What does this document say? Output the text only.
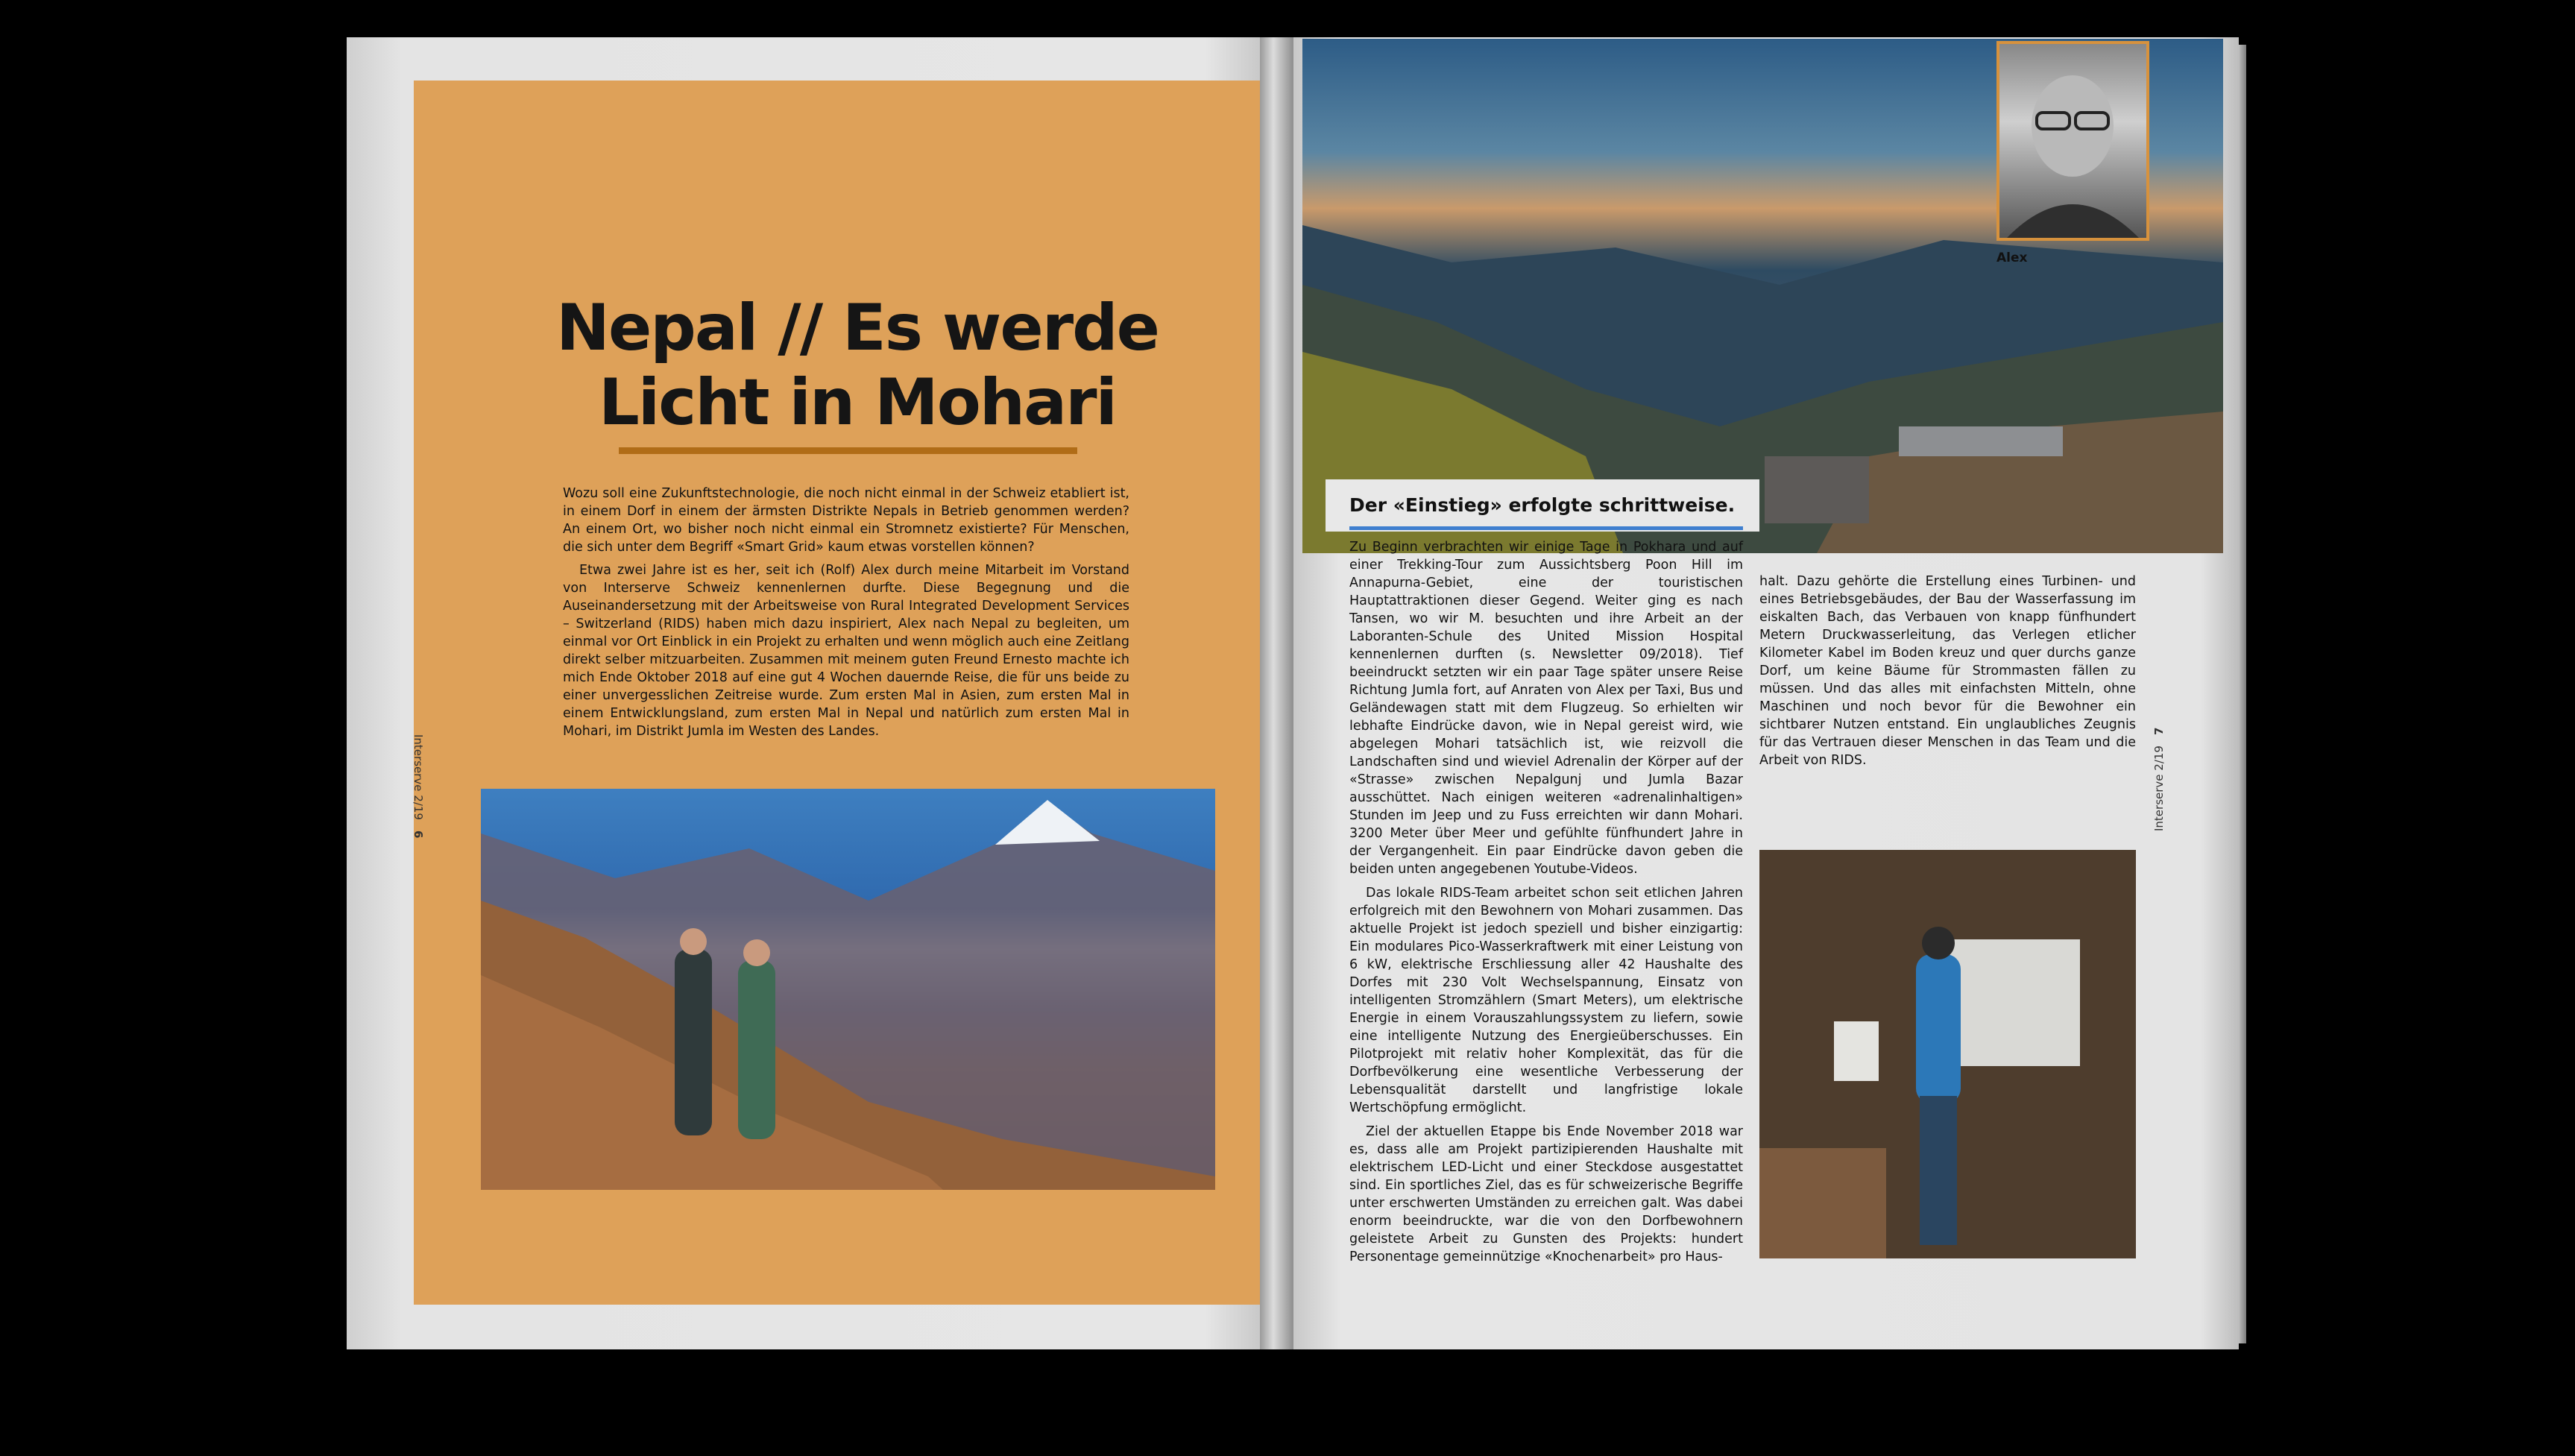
Nepal // Es werde
Licht in Mohari

Wozu soll eine Zukunftstechnologie, die noch nicht einmal in der Schweiz etabliert ist, in einem Dorf in einem der ärmsten Distrikte Nepals in Betrieb genommen werden? An einem Ort, wo bisher noch nicht einmal ein Stromnetz existierte? Für Menschen, die sich unter dem Begriff «Smart Grid» kaum etwas vorstellen können?

Etwa zwei Jahre ist es her, seit ich (Rolf) Alex durch meine Mitarbeit im Vorstand von Interserve Schweiz kennenlernen durfte. Diese Begegnung und die Auseinandersetzung mit der Arbeitsweise von Rural Integrated Development Services – Switzerland (RIDS) haben mich dazu inspiriert, Alex nach Nepal zu begleiten, um einmal vor Ort Einblick in ein Projekt zu erhalten und wenn möglich auch eine Zeitlang direkt selber mitzuarbeiten. Zusammen mit meinem guten Freund Ernesto machte ich mich Ende Oktober 2018 auf eine gut 4 Wochen dauernde Reise, die für uns beide zu einer unvergesslichen Zeitreise wurde. Zum ersten Mal in Asien, zum ersten Mal in einem Entwicklungsland, zum ersten Mal in Nepal und natürlich zum ersten Mal in Mohari, im Distrikt Jumla im Westen des Landes.

Interserve 2/196
Alex
Der «Einstieg» erfolgte schrittweise.

Zu Beginn verbrachten wir einige Tage in Pokhara und auf einer Trekking-Tour zum Aussichtsberg Poon Hill im Annapurna-Gebiet, eine der touristischen Hauptattraktionen dieser Gegend. Weiter ging es nach Tansen, wo wir M. besuchten und ihre Arbeit an der Laboranten-Schule des United Mission Hospital kennenlernen durften (s. Newsletter 09/2018). Tief beeindruckt setzten wir ein paar Tage später unsere Reise Richtung Jumla fort, auf Anraten von Alex per Taxi, Bus und Geländewagen statt mit dem Flugzeug. So erhielten wir lebhafte Eindrücke davon, wie in Nepal gereist wird, wie abgelegen Mohari tatsächlich ist, wie reizvoll die Landschaften sind und wieviel Adrenalin der Körper auf der «Strasse» zwischen Nepalgunj und Jumla Bazar ausschüttet. Nach einigen weiteren «adrenalinhaltigen» Stunden im Jeep und zu Fuss erreichten wir dann Mohari. 3200 Meter über Meer und gefühlte fünfhundert Jahre in der Vergangenheit. Ein paar Eindrücke davon geben die beiden unten angegebenen Youtube-Videos.

Das lokale RIDS-Team arbeitet schon seit etlichen Jahren erfolgreich mit den Bewohnern von Mohari zusammen. Das aktuelle Projekt ist jedoch speziell und bisher einzigartig: Ein modulares Pico-Wasserkraftwerk mit einer Leistung von 6 kW, elektrische Erschliessung aller 42 Haushalte des Dorfes mit 230 Volt Wechselspannung, Einsatz von intelligenten Stromzählern (Smart Meters), um elektrische Energie in einem Vorauszahlungssystem zu liefern, sowie eine intelligente Nutzung des Energieüberschusses. Ein Pilotprojekt mit relativ hoher Komplexität, das für die Dorfbevölkerung eine wesentliche Verbesserung der Lebensqualität darstellt und langfristige lokale Wertschöpfung ermöglicht.

Ziel der aktuellen Etappe bis Ende November 2018 war es, dass alle am Projekt partizipierenden Haushalte mit elektrischem LED-Licht und einer Steckdose ausgestattet sind. Ein sportliches Ziel, das es für schweizerische Begriffe unter erschwerten Umständen zu erreichen galt. Was dabei enorm beeindruckte, war die von den Dorfbewohnern geleistete Arbeit zu Gunsten des Projekts: hundert Personentage gemeinnützige «Knochenarbeit» pro Haus-

halt. Dazu gehörte die Erstellung eines Turbinen- und eines Betriebsgebäudes, der Bau der Wasserfassung im eiskalten Bach, das Verbauen von knapp fünfhundert Metern Druckwasserleitung, das Verlegen etlicher Kilometer Kabel im Boden kreuz und quer durchs ganze Dorf, um keine Bäume für Strommasten fällen zu müssen. Und das alles mit einfachsten Mitteln, ohne Maschinen und noch bevor für die Bewohner ein sichtbarer Nutzen entstand. Ein unglaubliches Zeugnis für das Vertrauen dieser Menschen in das Team und die Arbeit von RIDS.	Interserve 2/197
